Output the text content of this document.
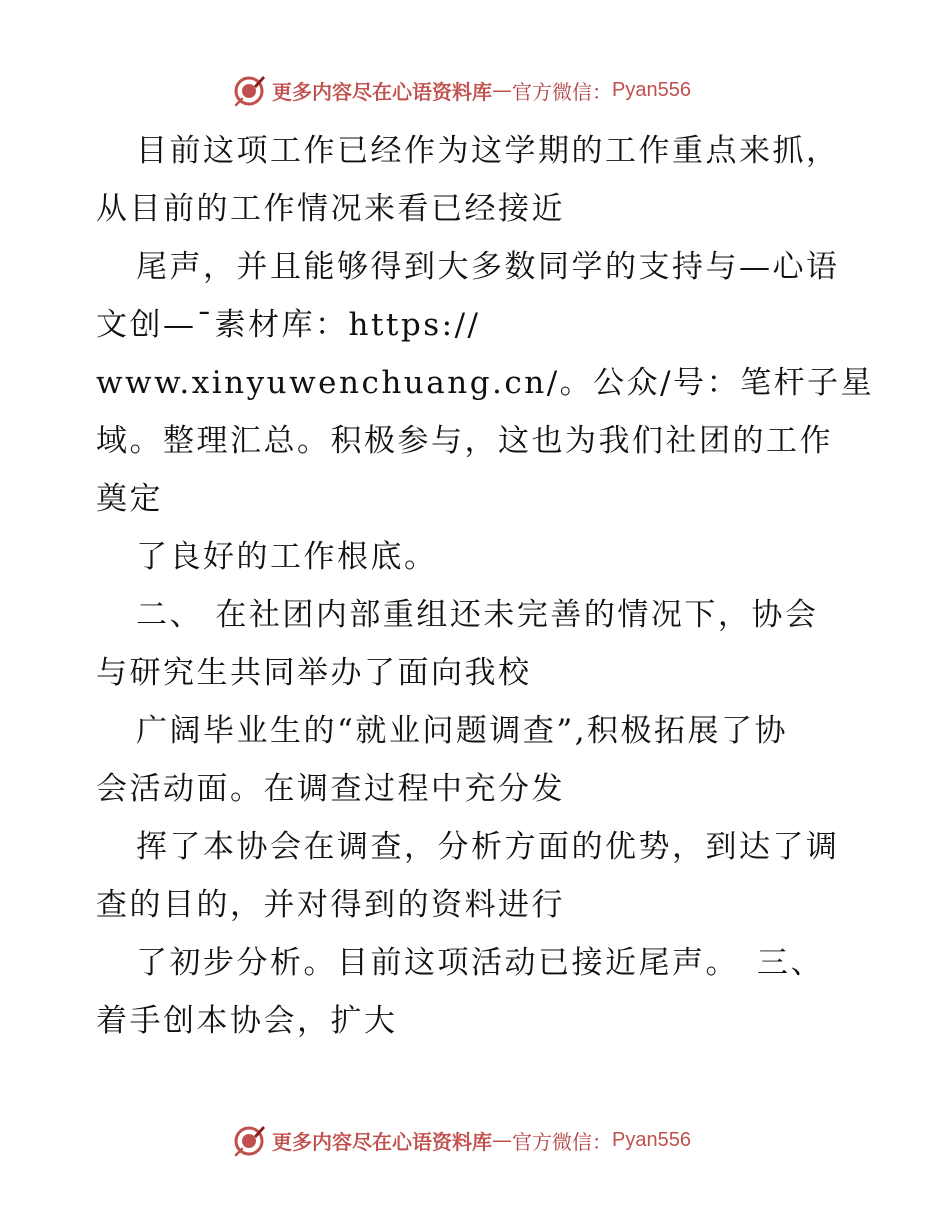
更多内容尽在心语资料库 — 官方微信： Pyan556
目前这项工作已经作为这学期的工作重点来抓，
从目前的工作情况来看已经接近
尾声，并且能够得到大多数同学的支持与—心语
文创—¯素材库：https://
www.xinyuwenchuang.cn/。公众/号：笔杆子星
域。整理汇总。积极参与，这也为我们社团的工作
奠定
了良好的工作根底。
二、 在社团内部重组还未完善的情况下，协会
与研究生共同举办了面向我校
广阔毕业生的“就业问题调查”,积极拓展了协
会活动面。在调查过程中充分发
挥了本协会在调查，分析方面的优势，到达了调
查的目的，并对得到的资料进行
了初步分析。目前这项活动已接近尾声。　三、
着手创本协会，扩大
更多内容尽在心语资料库 — 官方微信： Pyan556
